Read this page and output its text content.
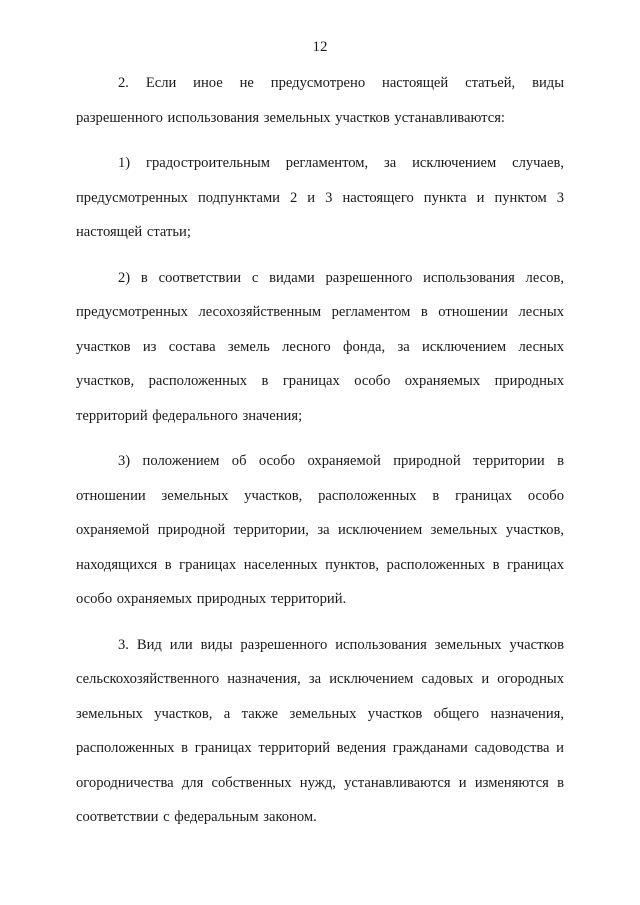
12

2. Если иное не предусмотрено настоящей статьей, виды разрешенного использования земельных участков устанавливаются:

1) градостроительным регламентом, за исключением случаев, предусмотренных подпунктами 2 и 3 настоящего пункта и пунктом 3 настоящей статьи;

2) в соответствии с видами разрешенного использования лесов, предусмотренных лесохозяйственным регламентом в отношении лесных участков из состава земель лесного фонда, за исключением лесных участков, расположенных в границах особо охраняемых природных территорий федерального значения;

3) положением об особо охраняемой природной территории в отношении земельных участков, расположенных в границах особо охраняемой природной территории, за исключением земельных участков, находящихся в границах населенных пунктов, расположенных в границах особо охраняемых природных территорий.

3. Вид или виды разрешенного использования земельных участков сельскохозяйственного назначения, за исключением садовых и огородных земельных участков, а также земельных участков общего назначения, расположенных в границах территорий ведения гражданами садоводства и огородничества для собственных нужд, устанавливаются и изменяются в соответствии с федеральным законом.
